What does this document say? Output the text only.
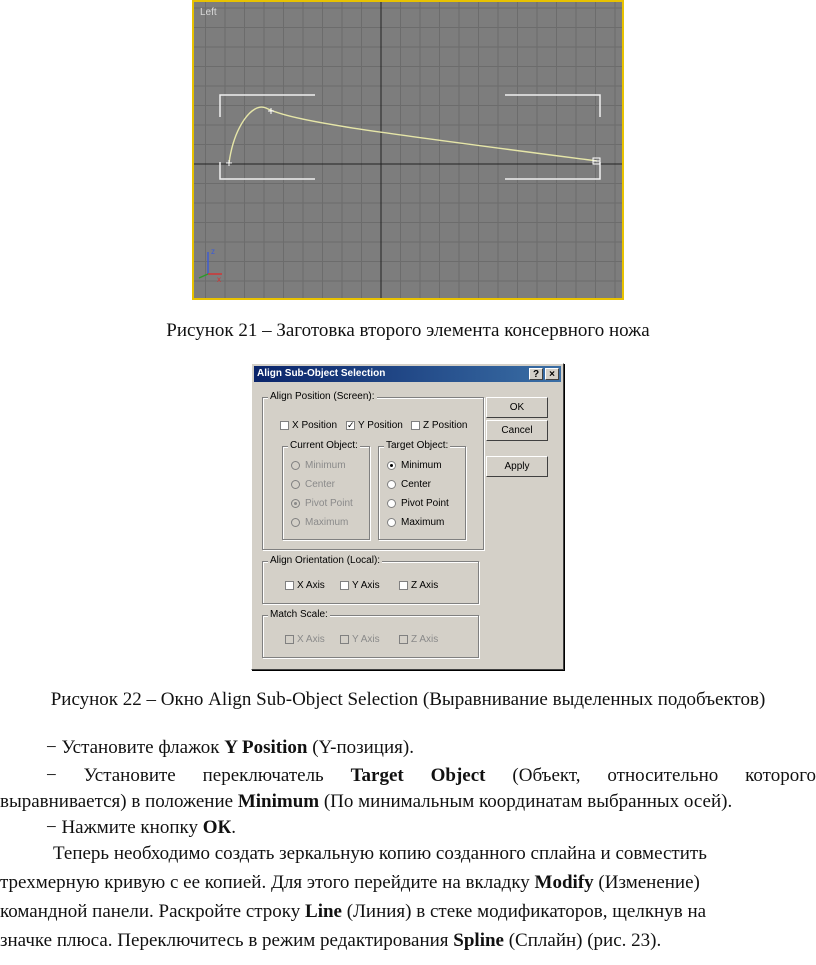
z
x
Left
Рисунок 21 – Заготовка второго элемента консервного ножа
Align Sub-Object Selection	?	×
Align Position (Screen):
X Position ✓ Y Position Z Position
Current Object:
Minimum
Center
Pivot Point
Maximum
Target Object:
Minimum
Center
Pivot Point
Maximum
OK
Cancel
Apply
Align Orientation (Local):
X Axis	Y Axis	Z Axis
Match Scale:
X Axis	Y Axis	Z Axis
Рисунок 22 – Окно Align Sub-Object Selection (Выравнивание выделенных подобъектов)
− Установите флажок Y Position (Y-позиция).
− Установите переключатель Target Object (Объект, относительно которого
выравнивается) в положение Minimum (По минимальным координатам выбранных осей).
− Нажмите кнопку ОК.
Теперь необходимо создать зеркальную копию созданного сплайна и совместить
трехмерную кривую с ее копией. Для этого перейдите на вкладку Modify (Изменение)
командной панели. Раскройте строку Line (Линия) в стеке модификаторов, щелкнув на
значке плюса. Переключитесь в режим редактирования Spline (Сплайн) (рис. 23).
